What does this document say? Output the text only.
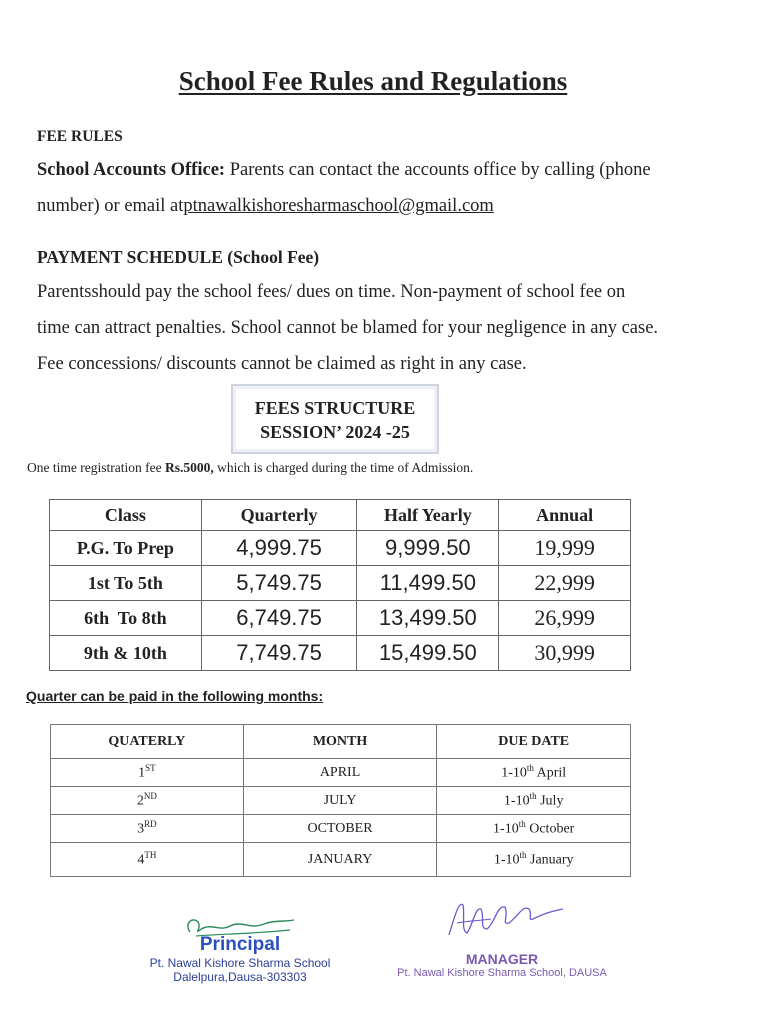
School Fee Rules and Regulations
FEE RULES
School Accounts Office: Parents can contact the accounts office by calling (phone
number) or email atptnawalkishoresharmaschool@gmail.com
PAYMENT SCHEDULE (School Fee)
Parentsshould pay the school fees/ dues on time. Non-payment of school fee on
time can attract penalties. School cannot be blamed for your negligence in any case.
Fee concessions/ discounts cannot be claimed as right in any case.
FEES STRUCTURE
SESSION’ 2024 -25
One time registration fee Rs.5000, which is charged during the time of Admission.
Class	Quarterly	Half Yearly	Annual
P.G. To Prep	4,999.75	9,999.50	19,999
1st To 5th	5,749.75	11,499.50	22,999
6th  To 8th	6,749.75	13,499.50	26,999
9th & 10th	7,749.75	15,499.50	30,999
Quarter can be paid in the following months:
QUATERLY	MONTH	DUE DATE
1ST	APRIL	1-10th April
2ND	JULY	1-10th July
3RD	OCTOBER	1-10th October
4TH	JANUARY	1-10th January
Principal
Pt. Nawal Kishore Sharma School
Dalelpura,Dausa-303303
MANAGER
Pt. Nawal Kishore Sharma School, DAUSA
